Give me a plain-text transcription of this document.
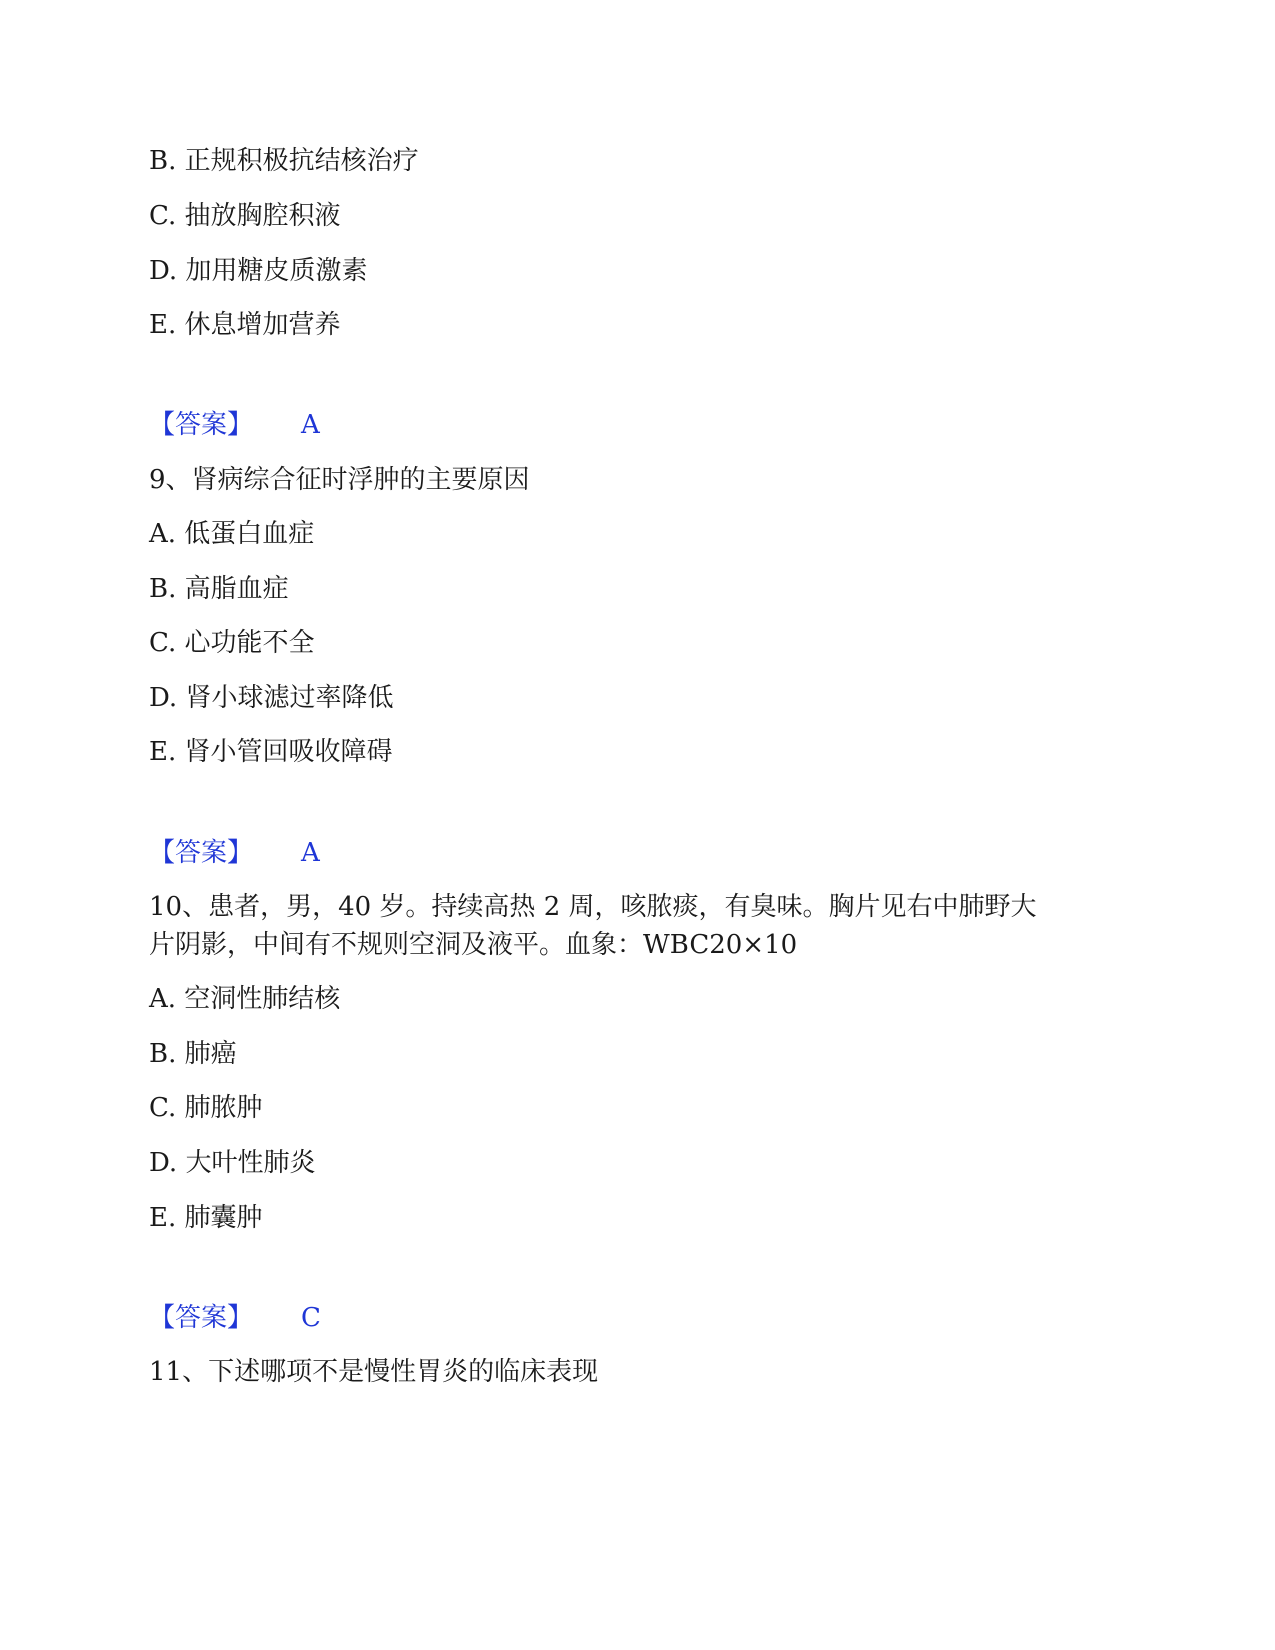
B. 正规积极抗结核治疗
C. 抽放胸腔积液
D. 加用糖皮质激素
E. 休息增加营养
【答案】 A
9、肾病综合征时浮肿的主要原因
A. 低蛋白血症
B. 高脂血症
C. 心功能不全
D. 肾小球滤过率降低
E. 肾小管回吸收障碍
【答案】 A
10、患者，男，40 岁。持续高热 2 周，咳脓痰，有臭味。胸片见右中肺野大
片阴影，中间有不规则空洞及液平。血象：WBC20×10
A. 空洞性肺结核
B. 肺癌
C. 肺脓肿
D. 大叶性肺炎
E. 肺囊肿
【答案】 C
11、下述哪项不是慢性胃炎的临床表现
